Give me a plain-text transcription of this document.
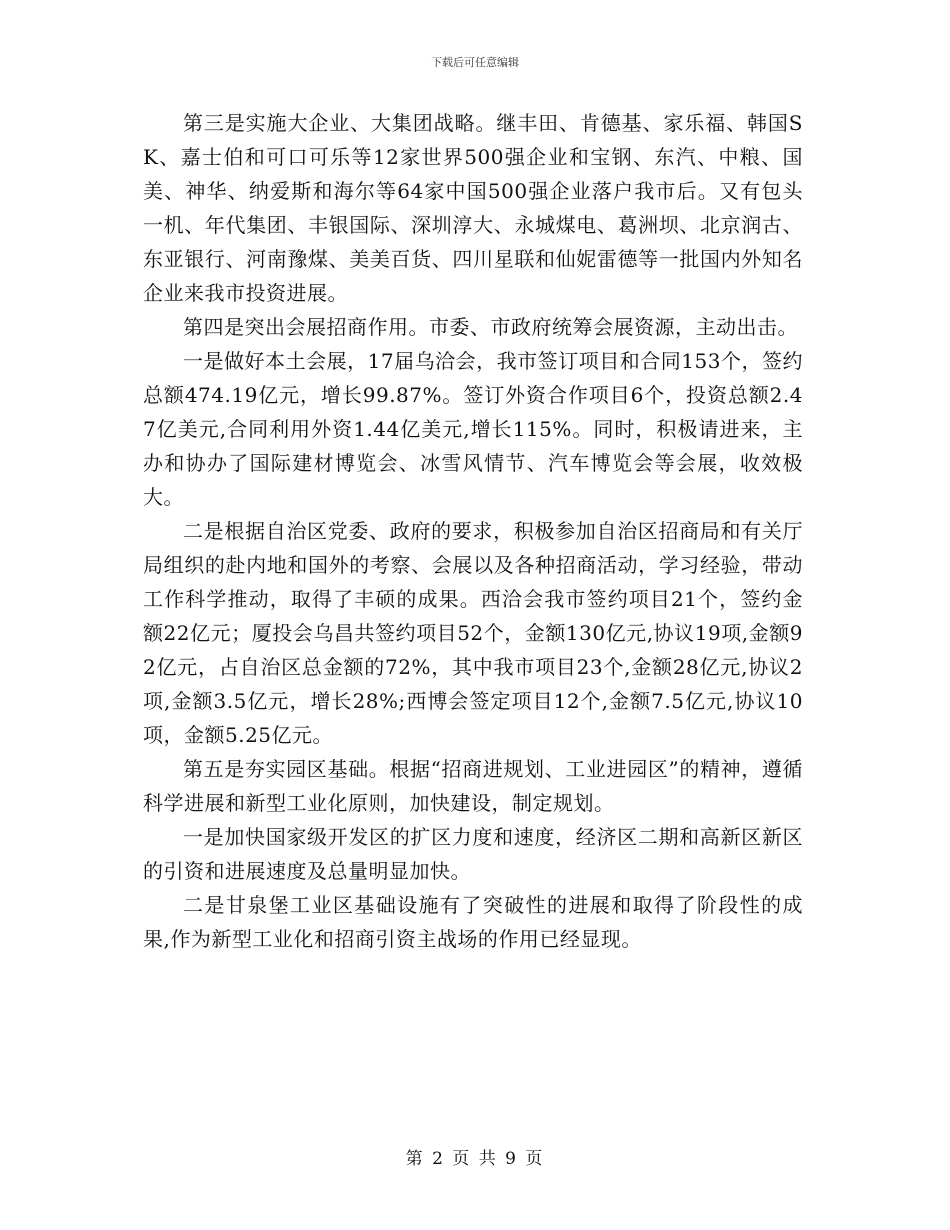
下载后可任意编辑

第三是实施大企业、大集团战略。继丰田、肯德基、家乐福、韩国SK、嘉士伯和可口可乐等12家世界500强企业和宝钢、东汽、中粮、国美、神华、纳爱斯和海尔等64家中国500强企业落户我市后。又有包头一机、年代集团、丰银国际、深圳淳大、永城煤电、葛洲坝、北京润古、东亚银行、河南豫煤、美美百货、四川星联和仙妮雷德等一批国内外知名企业来我市投资进展。

第四是突出会展招商作用。市委、市政府统筹会展资源，主动出击。

一是做好本土会展，17届乌洽会，我市签订项目和合同153个，签约总额474.19亿元，增长99.87%。签订外资合作项目6个，投资总额2.47亿美元,合同利用外资1.44亿美元,增长115%。同时，积极请进来，主办和协办了国际建材博览会、冰雪风情节、汽车博览会等会展，收效极大。

二是根据自治区党委、政府的要求，积极参加自治区招商局和有关厅局组织的赴内地和国外的考察、会展以及各种招商活动，学习经验，带动工作科学推动，取得了丰硕的成果。西洽会我市签约项目21个，签约金额22亿元；厦投会乌昌共签约项目52个，金额130亿元,协议19项,金额92亿元，占自治区总金额的72%，其中我市项目23个,金额28亿元,协议2项,金额3.5亿元，增长28%;西博会签定项目12个,金额7.5亿元,协议10项，金额5.25亿元。

第五是夯实园区基础。根据“招商进规划、工业进园区”的精神，遵循科学进展和新型工业化原则，加快建设，制定规划。

一是加快国家级开发区的扩区力度和速度，经济区二期和高新区新区的引资和进展速度及总量明显加快。

二是甘泉堡工业区基础设施有了突破性的进展和取得了阶段性的成果,作为新型工业化和招商引资主战场的作用已经显现。

第 2 页 共 9 页
